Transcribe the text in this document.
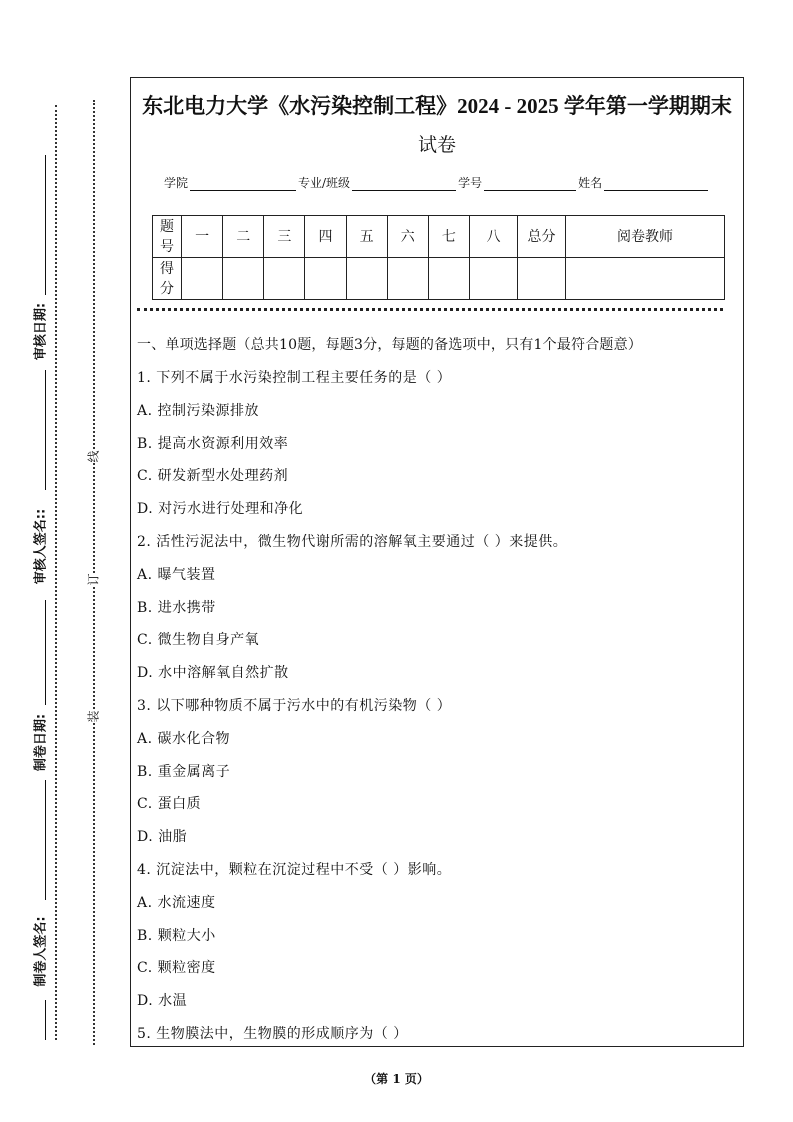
审核日期:
审核人签名::
制卷日期:
制卷人签名:
线
订
装
东北电力大学《水污染控制工程》2024 - 2025 学年第一学期期末
试卷
学院	专业/班级	学号	姓名
题号	一	二	三	四	五	六	七	八	总分	阅卷教师
得分										
一、单项选择题（总共10题，每题3分，每题的备选项中，只有1个最符合题意）
1. 下列不属于水污染控制工程主要任务的是（ ）
A. 控制污染源排放
B. 提高水资源利用效率
C. 研发新型水处理药剂
D. 对污水进行处理和净化
2. 活性污泥法中，微生物代谢所需的溶解氧主要通过（ ）来提供。
A. 曝气装置
B. 进水携带
C. 微生物自身产氧
D. 水中溶解氧自然扩散
3. 以下哪种物质不属于污水中的有机污染物（ ）
A. 碳水化合物
B. 重金属离子
C. 蛋白质
D. 油脂
4. 沉淀法中，颗粒在沉淀过程中不受（ ）影响。
A. 水流速度
B. 颗粒大小
C. 颗粒密度
D. 水温
5. 生物膜法中，生物膜的形成顺序为（ ）
（第 1 页）
